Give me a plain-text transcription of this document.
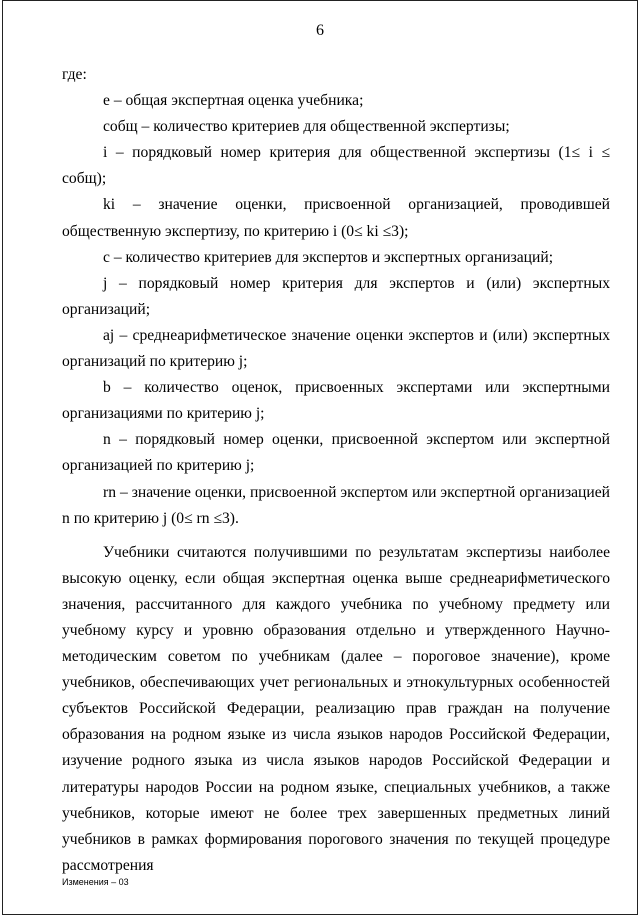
6

где:

e – общая экспертная оценка учебника;

cобщ – количество критериев для общественной экспертизы;

i – порядковый номер критерия для общественной экспертизы (1≤ i ≤ cобщ);

ki – значение оценки, присвоенной организацией, проводившей общественную экспертизу, по критерию i (0≤ ki ≤3);

c – количество критериев для экспертов и экспертных организаций;

j – порядковый номер критерия для экспертов и (или) экспертных организаций;

aj – среднеарифметическое значение оценки экспертов и (или) экспертных организаций по критерию j;

b – количество оценок, присвоенных экспертами или экспертными организациями по критерию j;

n – порядковый номер оценки, присвоенной экспертом или экспертной организацией по критерию j;

rn – значение оценки, присвоенной экспертом или экспертной организацией n по критерию j (0≤ rn ≤3).

Учебники считаются получившими по результатам экспертизы наиболее высокую оценку, если общая экспертная оценка выше среднеарифметического значения, рассчитанного для каждого учебника по учебному предмету или учебному курсу и уровню образования отдельно и утвержденного Научно-методическим советом по учебникам (далее – пороговое значение), кроме учебников, обеспечивающих учет региональных и этнокультурных особенностей субъектов Российской Федерации, реализацию прав граждан на получение образования на родном языке из числа языков народов Российской Федерации, изучение родного языка из числа языков народов Российской Федерации и литературы народов России на родном языке, специальных учебников, а также учебников, которые имеют не более трех завершенных предметных линий учебников в рамках формирования порогового значения по текущей процедуре рассмотрения

Изменения – 03
